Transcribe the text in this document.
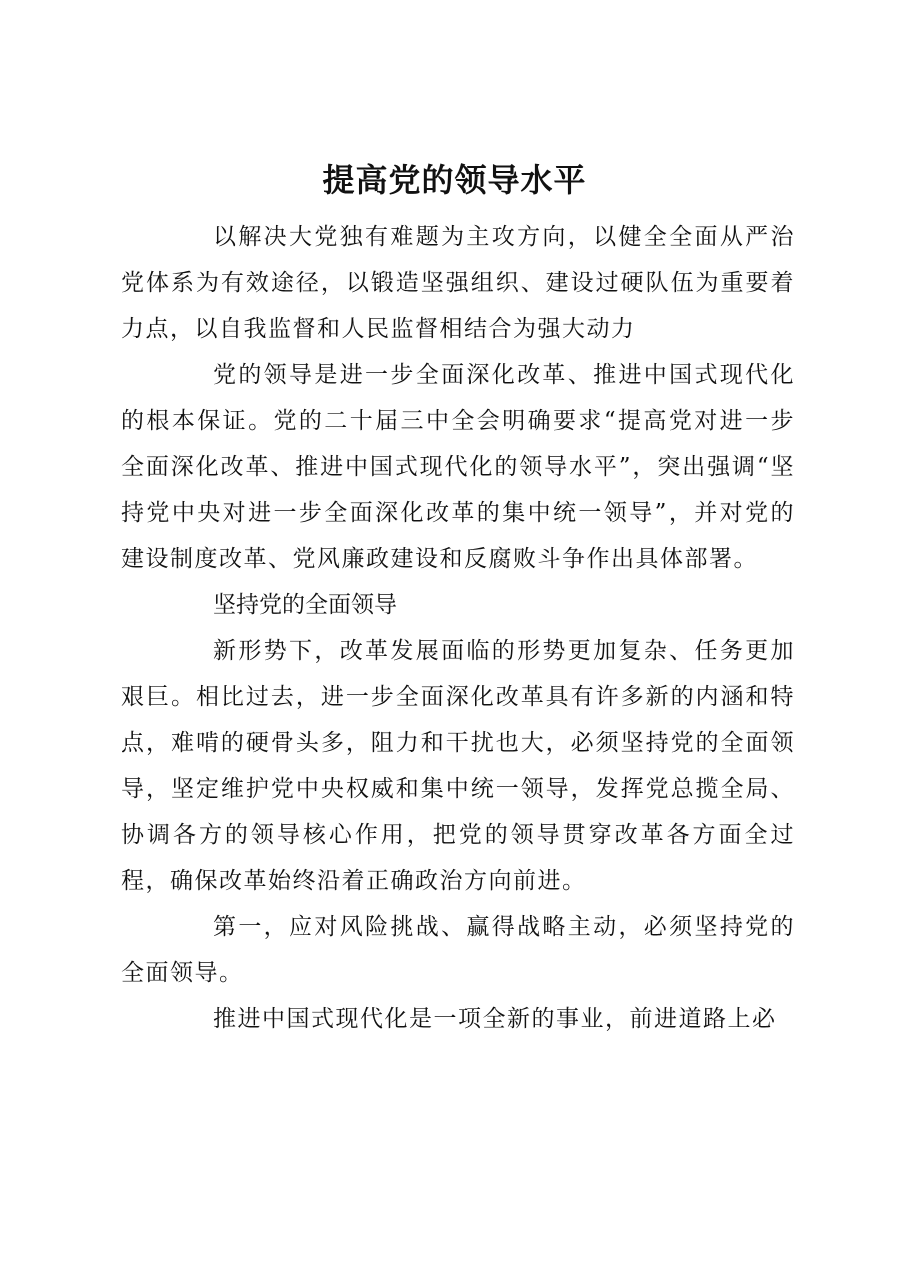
提高党的领导水平

以解决大党独有难题为主攻方向，以健全全面从严治党体系为有效途径，以锻造坚强组织、建设过硬队伍为重要着力点，以自我监督和人民监督相结合为强大动力

党的领导是进一步全面深化改革、推进中国式现代化的根本保证。党的二十届三中全会明确要求“提高党对进一步全面深化改革、推进中国式现代化的领导水平”，突出强调“坚持党中央对进一步全面深化改革的集中统一领导”，并对党的建设制度改革、党风廉政建设和反腐败斗争作出具体部署。

坚持党的全面领导

新形势下，改革发展面临的形势更加复杂、任务更加艰巨。相比过去，进一步全面深化改革具有许多新的内涵和特点，难啃的硬骨头多，阻力和干扰也大，必须坚持党的全面领导，坚定维护党中央权威和集中统一领导，发挥党总揽全局、协调各方的领导核心作用，把党的领导贯穿改革各方面全过程，确保改革始终沿着正确政治方向前进。

第一，应对风险挑战、赢得战略主动，必须坚持党的全面领导。

推进中国式现代化是一项全新的事业，前进道路上必
